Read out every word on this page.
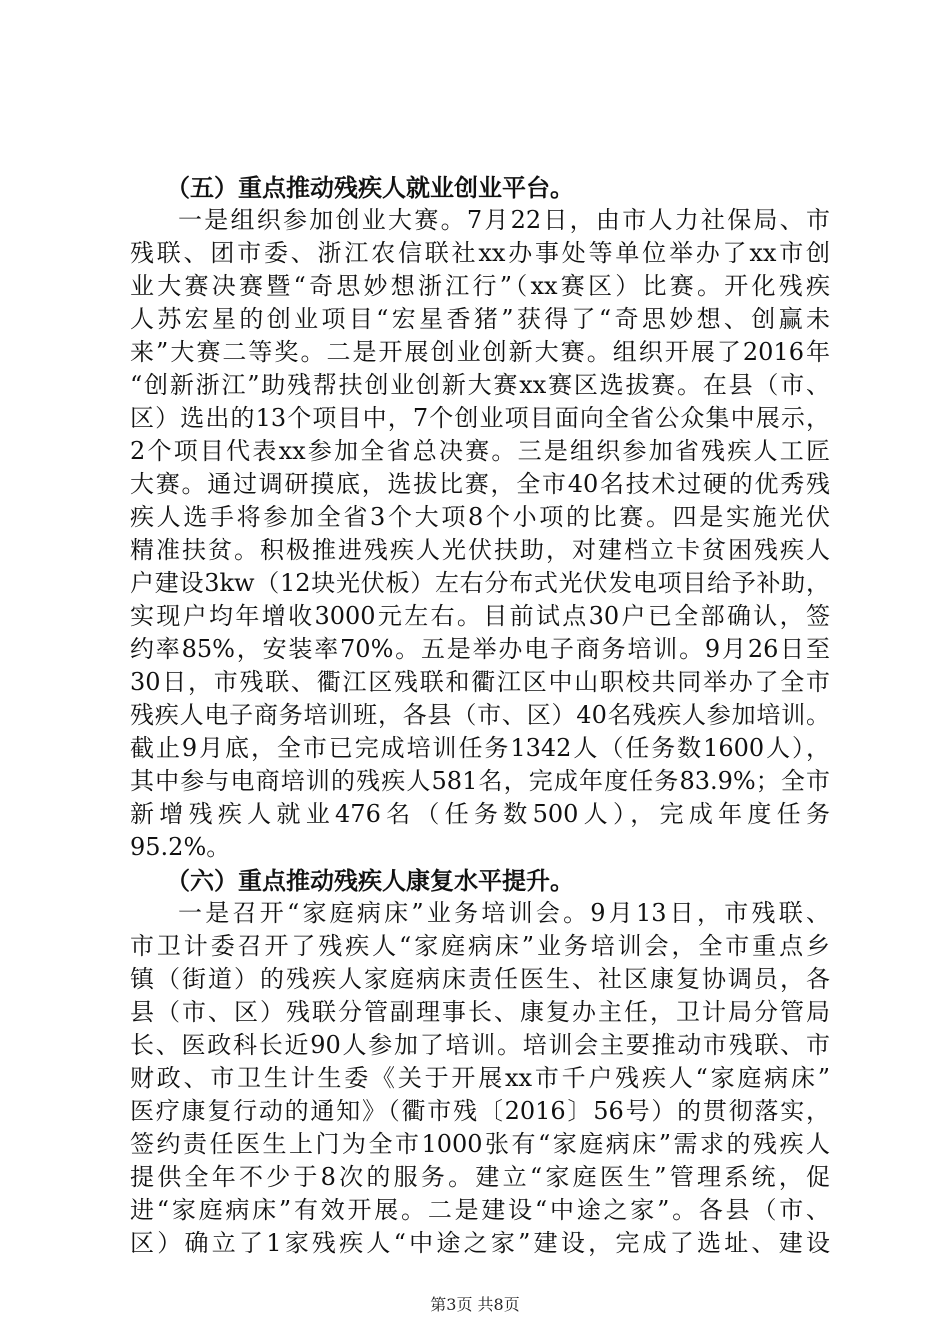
（五）重点推动残疾人就业创业平台。
一是组织参加创业大赛。7月22日，由市人力社保局、市
残联、团市委、浙江农信联社xx办事处等单位举办了xx市创
业大赛决赛暨“奇思妙想浙江行”（xx赛区）比赛。开化残疾
人苏宏星的创业项目“宏星香猪”获得了“奇思妙想、创赢未
来”大赛二等奖。二是开展创业创新大赛。组织开展了2016年
“创新浙江”助残帮扶创业创新大赛xx赛区选拔赛。在县（市、
区）选出的13个项目中，7个创业项目面向全省公众集中展示，
2个项目代表xx参加全省总决赛。三是组织参加省残疾人工匠
大赛。通过调研摸底，选拔比赛，全市40名技术过硬的优秀残
疾人选手将参加全省3个大项8个小项的比赛。四是实施光伏
精准扶贫。积极推进残疾人光伏扶助，对建档立卡贫困残疾人
户建设3kw（12块光伏板）左右分布式光伏发电项目给予补助，
实现户均年增收3000元左右。目前试点30户已全部确认，签
约率85%，安装率70%。五是举办电子商务培训。9月26日至
30日，市残联、衢江区残联和衢江区中山职校共同举办了全市
残疾人电子商务培训班，各县（市、区）40名残疾人参加培训。
截止9月底，全市已完成培训任务1342人（任务数1600人），
其中参与电商培训的残疾人581名，完成年度任务83.9%；全市
新增残疾人就业476名（任务数500人），完成年度任务
95.2%。
（六）重点推动残疾人康复水平提升。
一是召开“家庭病床”业务培训会。9月13日，市残联、
市卫计委召开了残疾人“家庭病床”业务培训会，全市重点乡
镇（街道）的残疾人家庭病床责任医生、社区康复协调员，各
县（市、区）残联分管副理事长、康复办主任，卫计局分管局
长、医政科长近90人参加了培训。培训会主要推动市残联、市
财政、市卫生计生委《关于开展xx市千户残疾人“家庭病床”
医疗康复行动的通知》（衢市残〔2016〕56号）的贯彻落实，
签约责任医生上门为全市1000张有“家庭病床”需求的残疾人
提供全年不少于8次的服务。建立“家庭医生”管理系统，促
进“家庭病床”有效开展。二是建设“中途之家”。各县（市、
区）确立了1家残疾人“中途之家”建设，完成了选址、建设
第3页 共8页
